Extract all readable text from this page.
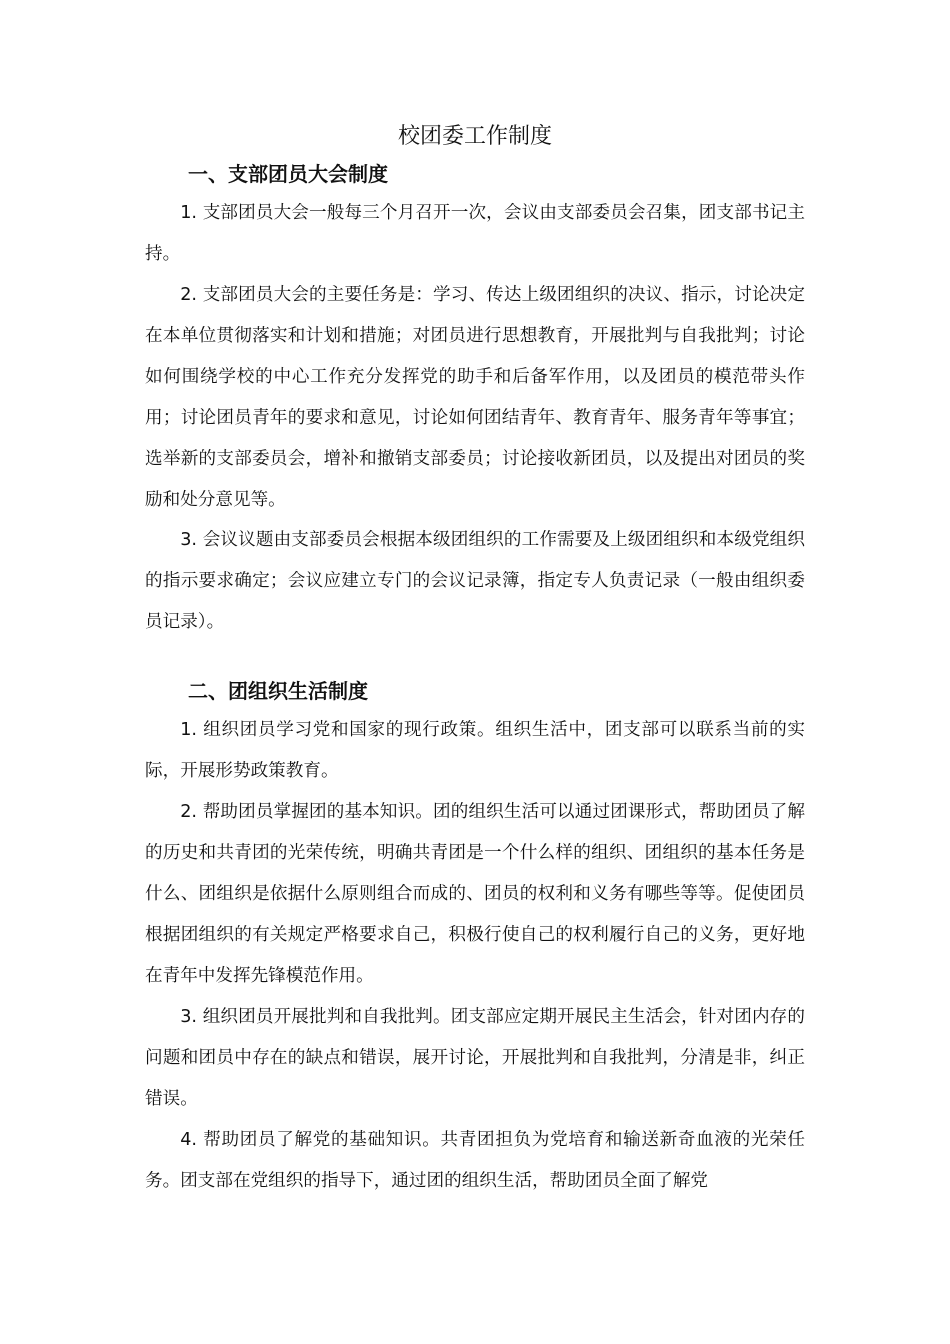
校团委工作制度
一、支部团员大会制度

1. 支部团员大会一般每三个月召开一次，会议由支部委员会召集，团支部书记主持。

2. 支部团员大会的主要任务是：学习、传达上级团组织的决议、指示，讨论决定在本单位贯彻落实和计划和措施；对团员进行思想教育，开展批判与自我批判；讨论如何围绕学校的中心工作充分发挥党的助手和后备军作用，以及团员的模范带头作用；讨论团员青年的要求和意见，讨论如何团结青年、教育青年、服务青年等事宜；选举新的支部委员会，增补和撤销支部委员；讨论接收新团员，以及提出对团员的奖励和处分意见等。

3. 会议议题由支部委员会根据本级团组织的工作需要及上级团组织和本级党组织的指示要求确定；会议应建立专门的会议记录簿，指定专人负责记录（一般由组织委员记录）。

二、团组织生活制度

1. 组织团员学习党和国家的现行政策。组织生活中，团支部可以联系当前的实际，开展形势政策教育。

2. 帮助团员掌握团的基本知识。团的组织生活可以通过团课形式，帮助团员了解的历史和共青团的光荣传统，明确共青团是一个什么样的组织、团组织的基本任务是什么、团组织是依据什么原则组合而成的、团员的权利和义务有哪些等等。促使团员根据团组织的有关规定严格要求自己，积极行使自己的权利履行自己的义务，更好地在青年中发挥先锋模范作用。

3. 组织团员开展批判和自我批判。团支部应定期开展民主生活会，针对团内存的问题和团员中存在的缺点和错误，展开讨论，开展批判和自我批判，分清是非，纠正错误。

4. 帮助团员了解党的基础知识。共青团担负为党培育和输送新奇血液的光荣任务。团支部在党组织的指导下，通过团的组织生活，帮助团员全面了解党
